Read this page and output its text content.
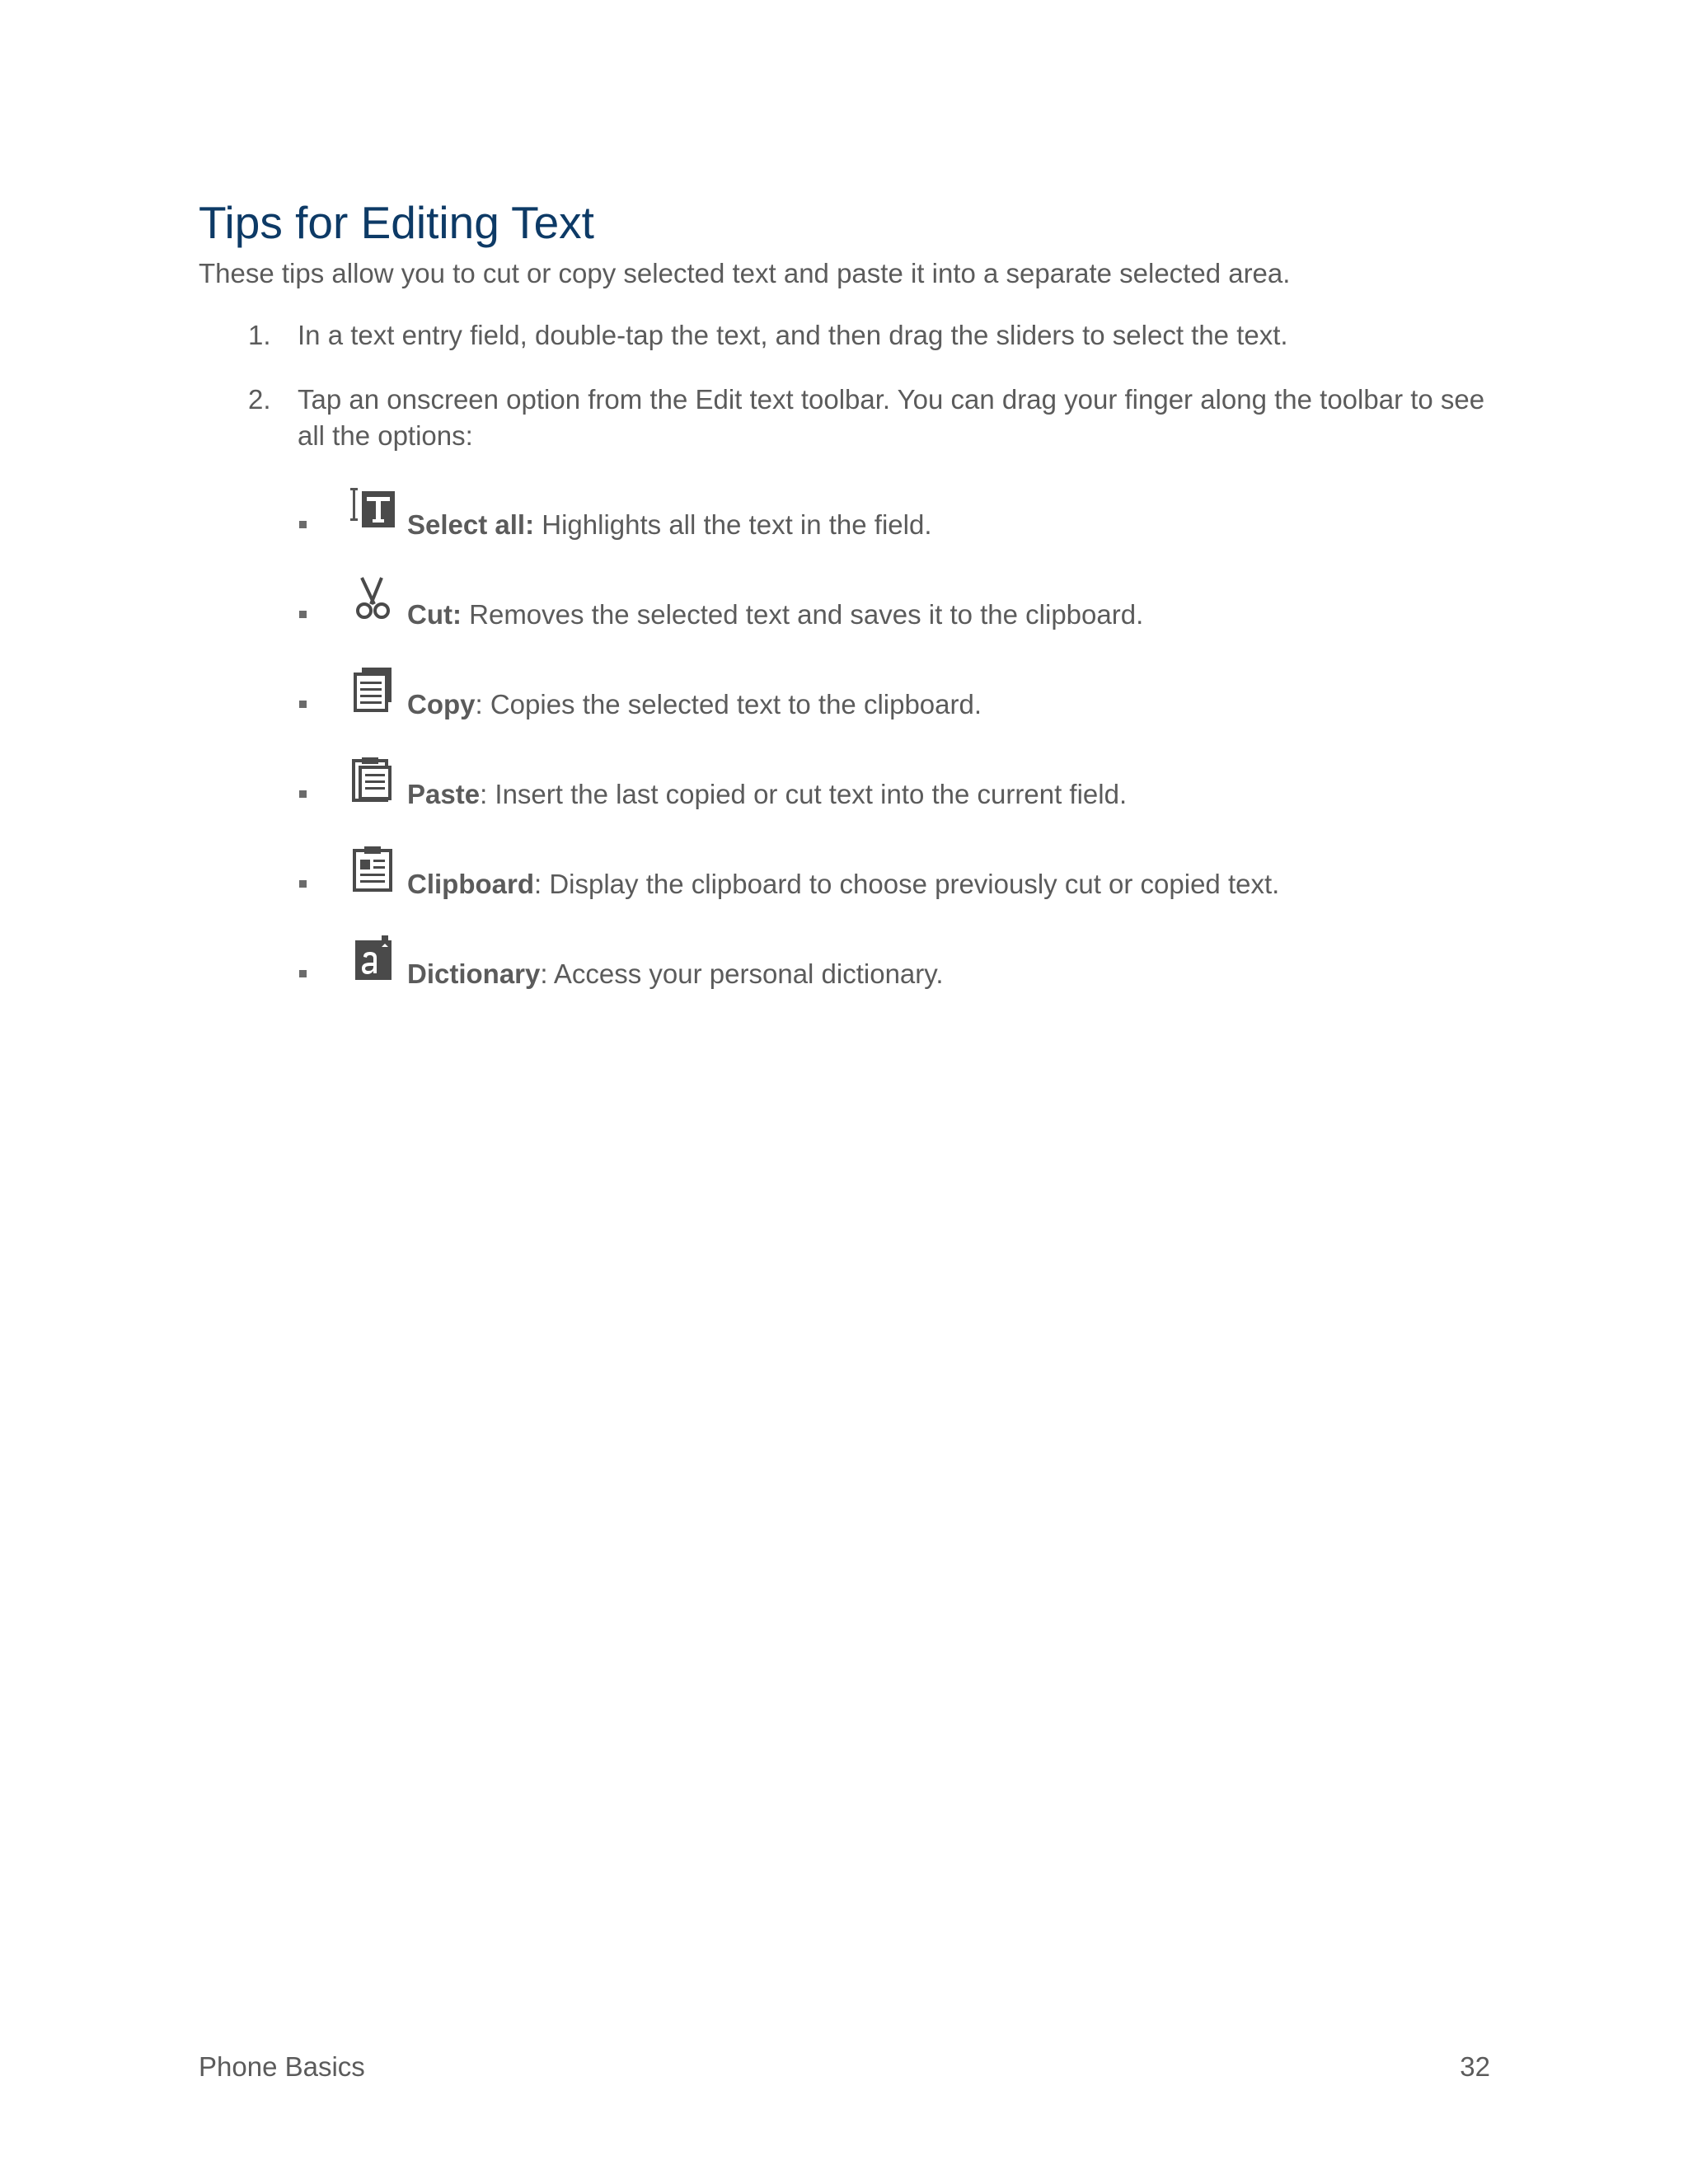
Tips for Editing Text

These tips allow you to cut or copy selected text and paste it into a separate selected area.

1. In a text entry field, double-tap the text, and then drag the sliders to select the text.
2. Tap an onscreen option from the Edit text toolbar. You can drag your finger along the toolbar to see all the options:
Select all: Highlights all the text in the field.
Cut: Removes the selected text and saves it to the clipboard.
Copy: Copies the selected text to the clipboard.
Paste: Insert the last copied or cut text into the current field.
Clipboard: Display the clipboard to choose previously cut or copied text.
Dictionary: Access your personal dictionary.
Phone Basics	32
